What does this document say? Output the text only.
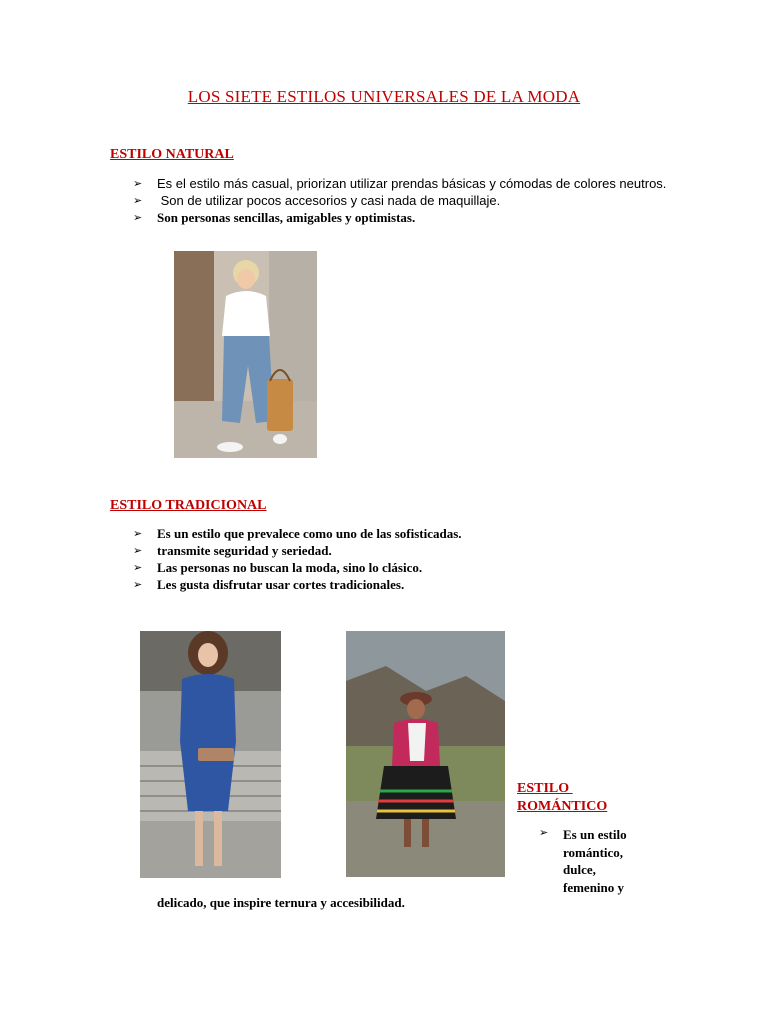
LOS SIETE ESTILOS UNIVERSALES DE LA MODA
ESTILO NATURAL
➢ Es el estilo más casual, priorizan utilizar prendas básicas y cómodas de colores neutros.
➢ Son de utilizar pocos accesorios y casi nada de maquillaje.
➢ Son personas sencillas, amigables y optimistas.
ESTILO TRADICIONAL
➢ Es un estilo que prevalece como uno de las sofisticadas.
➢ transmite seguridad y seriedad.
➢ Las personas no buscan la moda, sino lo clásico.
➢ Les gusta disfrutar usar cortes tradicionales.
ESTILO
ROMÁNTICO
➢ Es un estilo
romántico,
dulce,
femenino y
delicado, que inspire ternura y accesibilidad.
